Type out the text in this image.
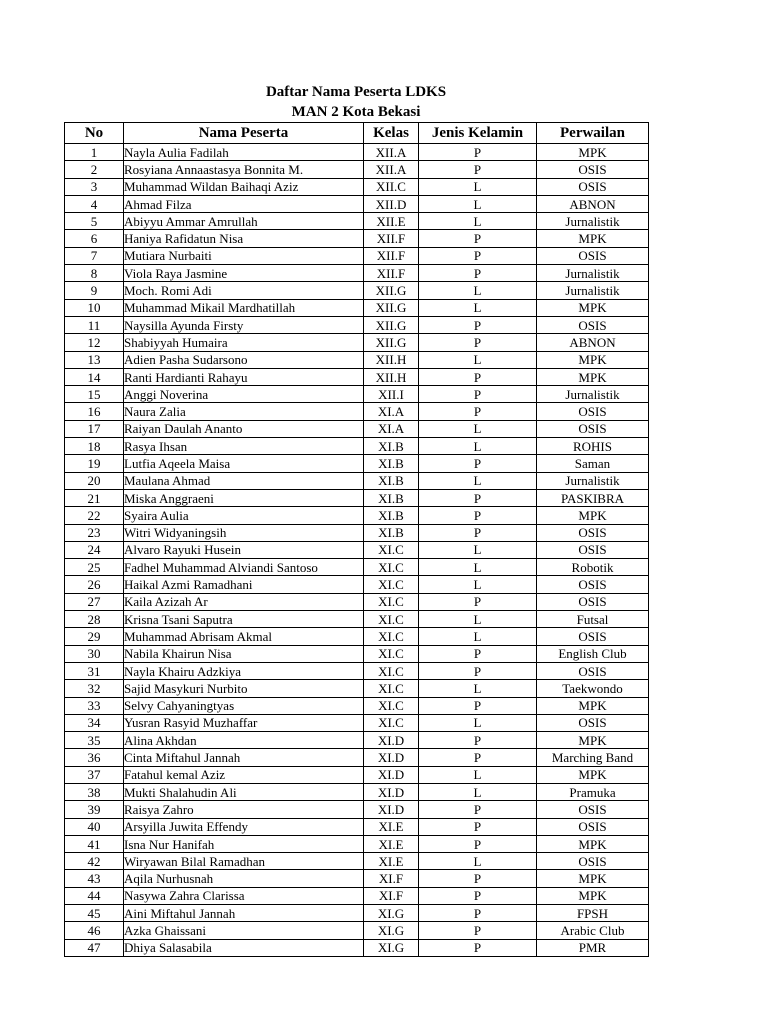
Daftar Nama Peserta LDKS
MAN 2 Kota Bekasi
No	Nama Peserta	Kelas	Jenis Kelamin	Perwailan
1	Nayla Aulia Fadilah	XII.A	P	MPK
2	Rosyiana Annaastasya Bonnita M.	XII.A	P	OSIS
3	Muhammad Wildan Baihaqi Aziz	XII.C	L	OSIS
4	Ahmad Filza	XII.D	L	ABNON
5	Abiyyu Ammar Amrullah	XII.E	L	Jurnalistik
6	Haniya Rafidatun Nisa	XII.F	P	MPK
7	Mutiara Nurbaiti	XII.F	P	OSIS
8	Viola Raya Jasmine	XII.F	P	Jurnalistik
9	Moch. Romi Adi	XII.G	L	Jurnalistik
10	Muhammad Mikail Mardhatillah	XII.G	L	MPK
11	Naysilla Ayunda Firsty	XII.G	P	OSIS
12	Shabiyyah Humaira	XII.G	P	ABNON
13	Adien Pasha Sudarsono	XII.H	L	MPK
14	Ranti Hardianti Rahayu	XII.H	P	MPK
15	Anggi Noverina	XII.I	P	Jurnalistik
16	Naura Zalia	XI.A	P	OSIS
17	Raiyan Daulah Ananto	XI.A	L	OSIS
18	Rasya Ihsan	XI.B	L	ROHIS
19	Lutfia Aqeela Maisa	XI.B	P	Saman
20	Maulana Ahmad	XI.B	L	Jurnalistik
21	Miska Anggraeni	XI.B	P	PASKIBRA
22	Syaira Aulia	XI.B	P	MPK
23	Witri Widyaningsih	XI.B	P	OSIS
24	Alvaro Rayuki Husein	XI.C	L	OSIS
25	Fadhel Muhammad Alviandi Santoso	XI.C	L	Robotik
26	Haikal Azmi Ramadhani	XI.C	L	OSIS
27	Kaila Azizah Ar	XI.C	P	OSIS
28	Krisna Tsani Saputra	XI.C	L	Futsal
29	Muhammad Abrisam Akmal	XI.C	L	OSIS
30	Nabila Khairun Nisa	XI.C	P	English Club
31	Nayla Khairu Adzkiya	XI.C	P	OSIS
32	Sajid Masykuri Nurbito	XI.C	L	Taekwondo
33	Selvy Cahyaningtyas	XI.C	P	MPK
34	Yusran Rasyid Muzhaffar	XI.C	L	OSIS
35	Alina Akhdan	XI.D	P	MPK
36	Cinta Miftahul Jannah	XI.D	P	Marching Band
37	Fatahul kemal Aziz	XI.D	L	MPK
38	Mukti Shalahudin Ali	XI.D	L	Pramuka
39	Raisya Zahro	XI.D	P	OSIS
40	Arsyilla Juwita Effendy	XI.E	P	OSIS
41	Isna Nur Hanifah	XI.E	P	MPK
42	Wiryawan Bilal Ramadhan	XI.E	L	OSIS
43	Aqila Nurhusnah	XI.F	P	MPK
44	Nasywa Zahra Clarissa	XI.F	P	MPK
45	Aini Miftahul Jannah	XI.G	P	FPSH
46	Azka Ghaissani	XI.G	P	Arabic Club
47	Dhiya Salasabila	XI.G	P	PMR
